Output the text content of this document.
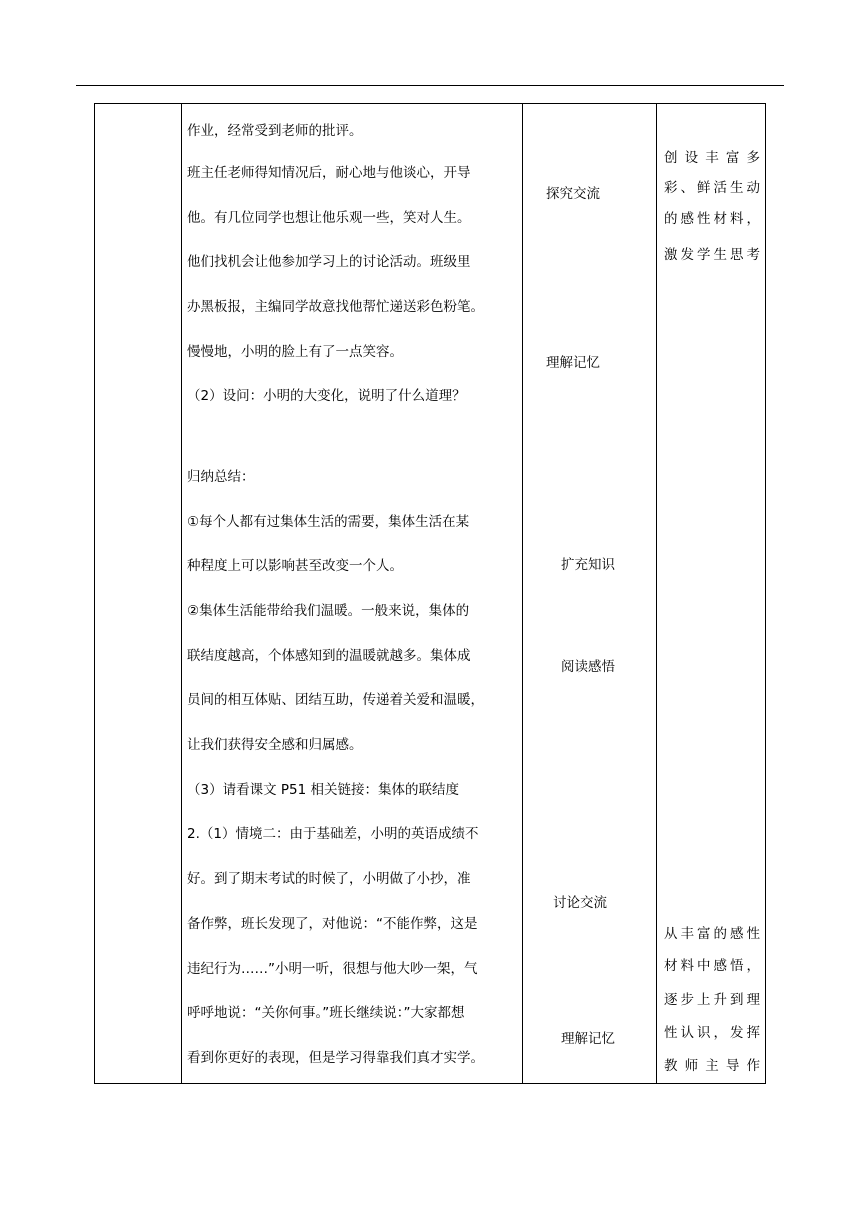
作业，经常受到老师的批评。
班主任老师得知情况后，耐心地与他谈心，开导
他。有几位同学也想让他乐观一些，笑对人生。
他们找机会让他参加学习上的讨论活动。班级里
办黑板报，主编同学故意找他帮忙递送彩色粉笔。
慢慢地，小明的脸上有了一点笑容。
（2）设问：小明的大变化，说明了什么道理？
归纳总结：
①每个人都有过集体生活的需要，集体生活在某
种程度上可以影响甚至改变一个人。
②集体生活能带给我们温暖。一般来说，集体的
联结度越高，个体感知到的温暖就越多。集体成
员间的相互体贴、团结互助，传递着关爱和温暖，
让我们获得安全感和归属感。
（3）请看课文 P51 相关链接：集体的联结度
2.（1）情境二：由于基础差，小明的英语成绩不
好。到了期末考试的时候了，小明做了小抄，准
备作弊，班长发现了，对他说：“不能作弊，这是
违纪行为……”小明一听，很想与他大吵一架，气
呼呼地说：“关你何事。”班长继续说：”大家都想
看到你更好的表现，但是学习得靠我们真才实学。
探究交流
理解记忆
扩充知识
阅读感悟
讨论交流
理解记忆
创设丰富多
彩、鲜活生动
的感性材料，
激发学生思考
从丰富的感性
材料中感悟，
逐步上升到理
性认识，发挥
教师主导作
